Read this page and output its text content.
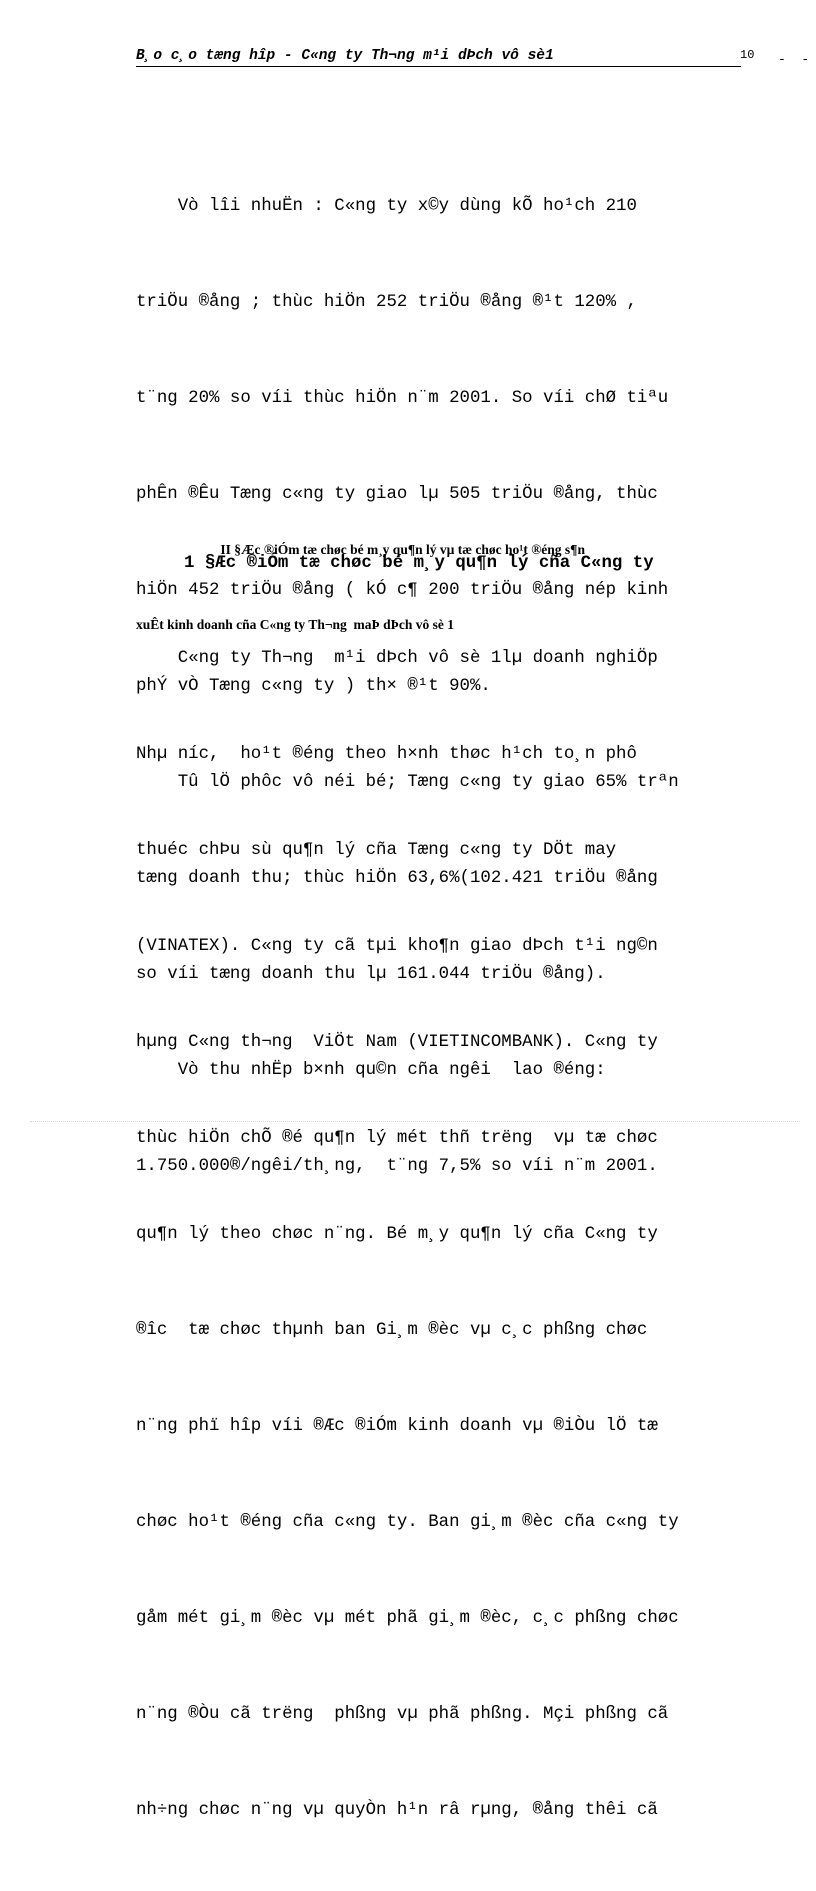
B¸o c¸o tæng hîp - C«ng ty Th¬ng m¹i dÞch vô sè1	10 -  -

Vò lîi nhuËn : C«ng ty x©y dùng kÕ ho¹ch 210

triÖu ®ång ; thùc hiÖn 252 triÖu ®ång ®¹t 120% ,

t¨ng 20% so víi thùc hiÖn n¨m 2001. So víi chØ tiªu

phÊn ®Êu Tæng c«ng ty giao lµ 505 triÖu ®ång, thùc

hiÖn 452 triÖu ®ång ( kÓ c¶ 200 triÖu ®ång nép kinh

phÝ vÒ Tæng c«ng ty ) th× ®¹t 90%.

Tû lÖ phôc vô néi bé; Tæng c«ng ty giao 65% trªn

tæng doanh thu; thùc hiÖn 63,6%(102.421 triÖu ®ång

so víi tæng doanh thu lµ 161.044 triÖu ®ång).

Vò thu nhËp b×nh qu©n cña ngêi  lao ®éng:

1.750.000®/ngêi/th¸ng,  t¨ng 7,5% so víi n¨m 2001.

II §Æc ®iÓm tæ chøc bé m¸y qu¶n lý vµ tæ chøc ho¹t ®éng s¶n

xuÊt kinh doanh cña C«ng ty Th¬ng  maÞ dÞch vô sè 1

1 §Æc ®iÓm tæ chøc bé m¸y qu¶n lý cña C«ng ty

C«ng ty Th¬ng  m¹i dÞch vô sè 1lµ doanh nghiÖp

Nhµ níc,  ho¹t ®éng theo h×nh thøc h¹ch to¸n phô

thuéc chÞu sù qu¶n lý cña Tæng c«ng ty DÖt may

(VINATEX). C«ng ty cã tµi kho¶n giao dÞch t¹i ng©n

hµng C«ng th¬ng  ViÖt Nam (VIETINCOMBANK). C«ng ty

thùc hiÖn chÕ ®é qu¶n lý mét thñ trëng  vµ tæ chøc

qu¶n lý theo chøc n¨ng. Bé m¸y qu¶n lý cña C«ng ty

®îc  tæ chøc thµnh ban Gi¸m ®èc vµ c¸c phßng chøc

n¨ng phï hîp víi ®Æc ®iÓm kinh doanh vµ ®iÒu lÖ tæ

chøc ho¹t ®éng cña c«ng ty. Ban gi¸m ®èc cña c«ng ty

gåm mét gi¸m ®èc vµ mét phã gi¸m ®èc, c¸c phßng chøc

n¨ng ®Òu cã trëng  phßng vµ phã phßng. Mçi phßng cã

nh÷ng chøc n¨ng vµ quyÒn h¹n râ rµng, ®ång thêi cã
